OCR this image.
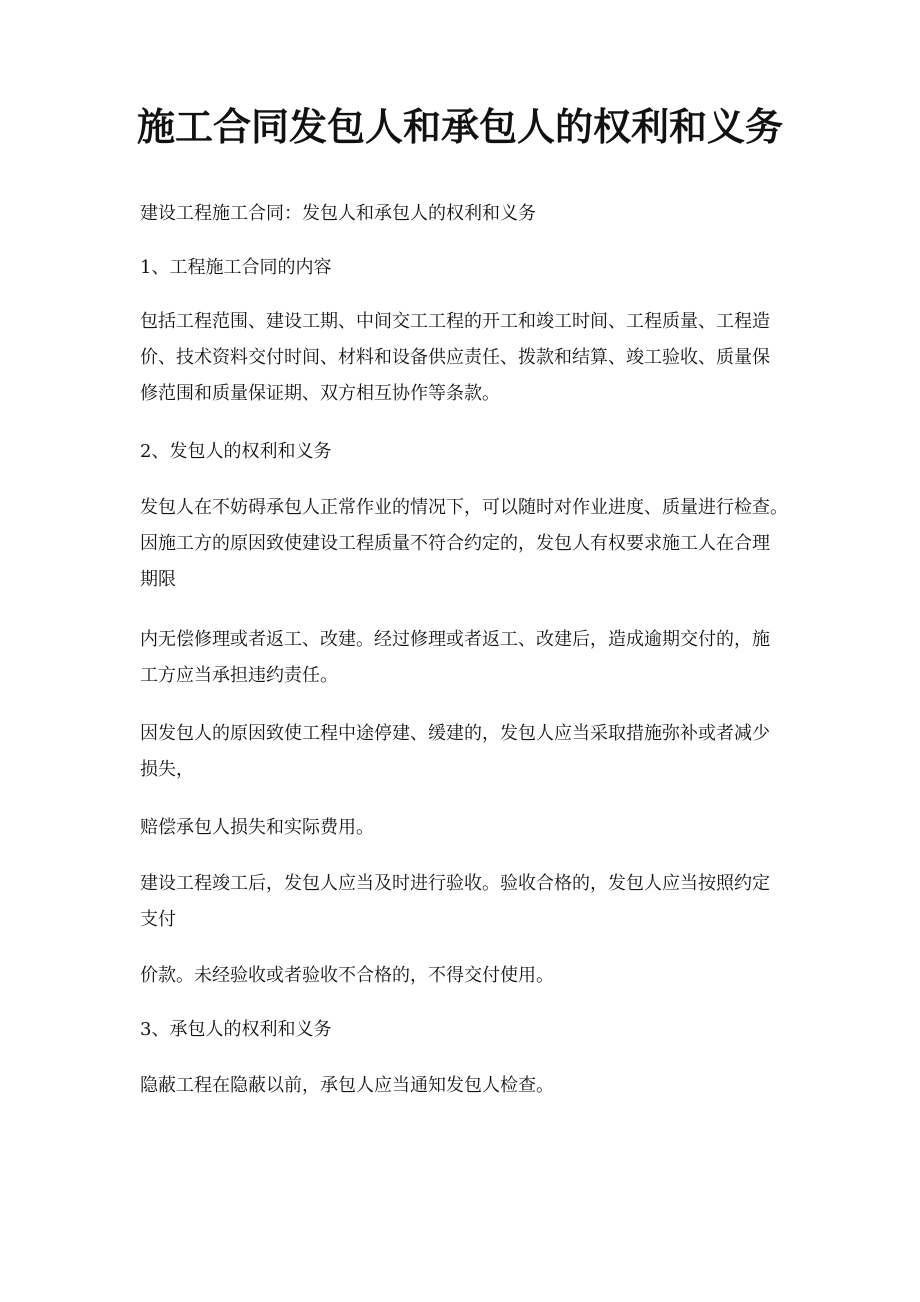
施工合同发包人和承包人的权利和义务

建设工程施工合同：发包人和承包人的权利和义务

1、工程施工合同的内容

包括工程范围、建设工期、中间交工工程的开工和竣工时间、工程质量、工程造价、技术资料交付时间、材料和设备供应责任、拨款和结算、竣工验收、质量保修范围和质量保证期、双方相互协作等条款。

2、发包人的权利和义务

发包人在不妨碍承包人正常作业的情况下，可以随时对作业进度、质量进行检查。　因施工方的原因致使建设工程质量不符合约定的，发包人有权要求施工人在合理期限

内无偿修理或者返工、改建。经过修理或者返工、改建后，造成逾期交付的，施工方应当承担违约责任。

因发包人的原因致使工程中途停建、缓建的，发包人应当采取措施弥补或者减少损失，

赔偿承包人损失和实际费用。

建设工程竣工后，发包人应当及时进行验收。验收合格的，发包人应当按照约定支付

价款。未经验收或者验收不合格的，不得交付使用。

3、承包人的权利和义务

隐蔽工程在隐蔽以前，承包人应当通知发包人检查。
